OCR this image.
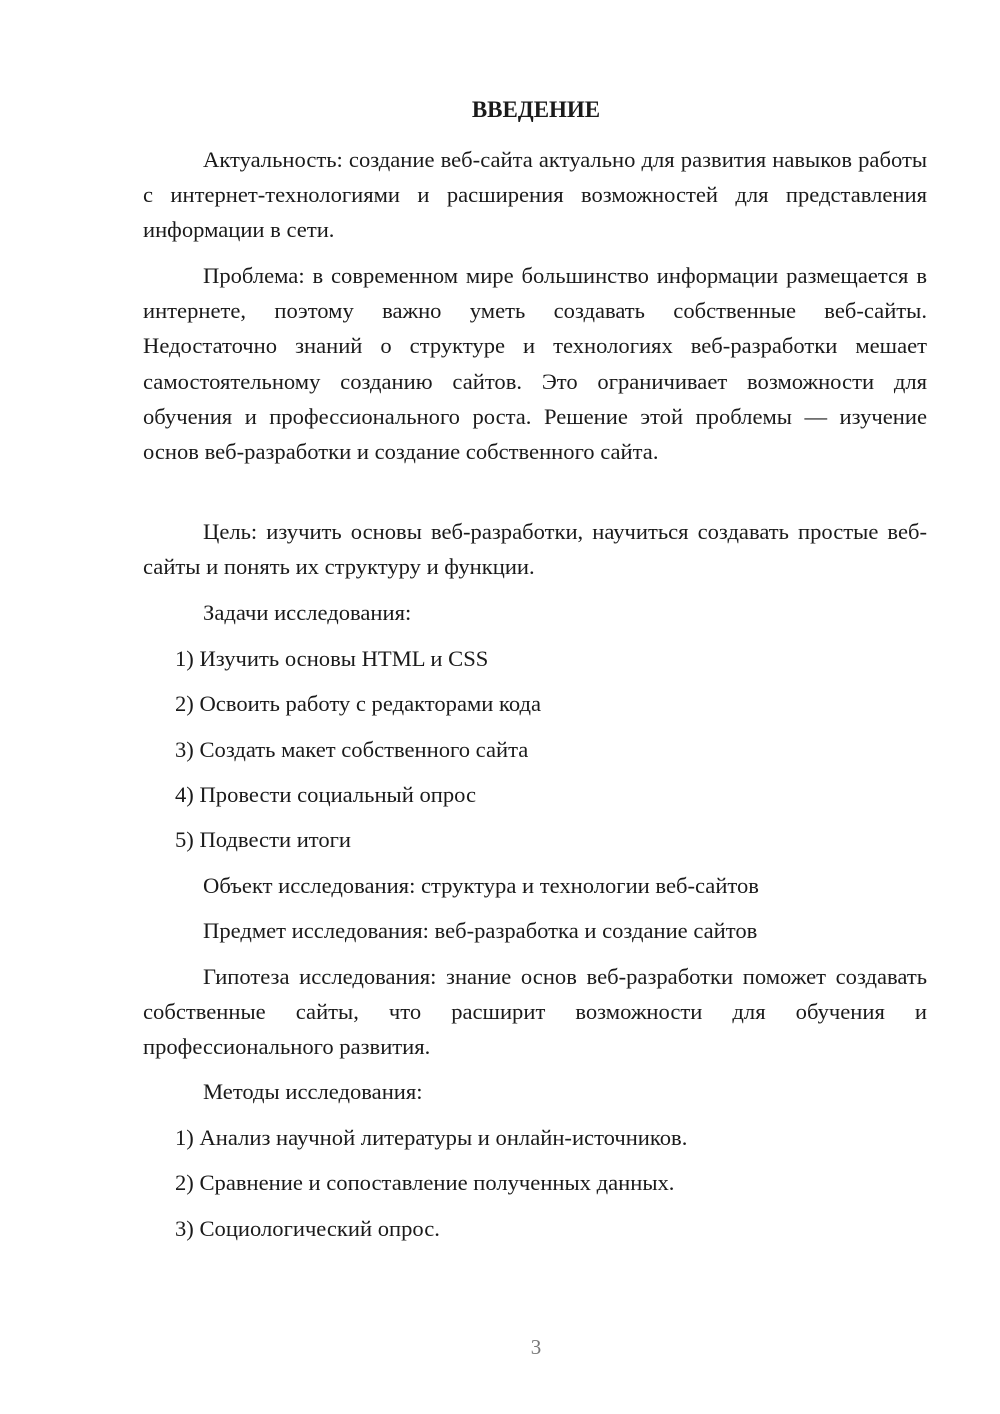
ВВЕДЕНИЕ

Актуальность: создание веб-сайта актуально для развития навыков работы с интернет-технологиями и расширения возможностей для представления информации в сети.

Проблема: в современном мире большинство информации размещается в интернете, поэтому важно уметь создавать собственные веб-сайты. Недостаточно знаний о структуре и технологиях веб-разработки мешает самостоятельному созданию сайтов. Это ограничивает возможности для обучения и профессионального роста. Решение этой проблемы — изучение основ веб-разработки и создание собственного сайта.

Цель: изучить основы веб-разработки, научиться создавать простые веб-сайты и понять их структуру и функции.

Задачи исследования:

1) Изучить основы HTML и CSS

2) Освоить работу с редакторами кода

3) Создать макет собственного сайта

4) Провести социальный опрос

5) Подвести итоги

Объект исследования: структура и технологии веб-сайтов

Предмет исследования: веб-разработка и создание сайтов

Гипотеза исследования: знание основ веб-разработки поможет создавать собственные сайты, что расширит возможности для обучения и профессионального развития.

Методы исследования:

1) Анализ научной литературы и онлайн-источников.

2) Сравнение и сопоставление полученных данных.

3) Социологический опрос.

3
